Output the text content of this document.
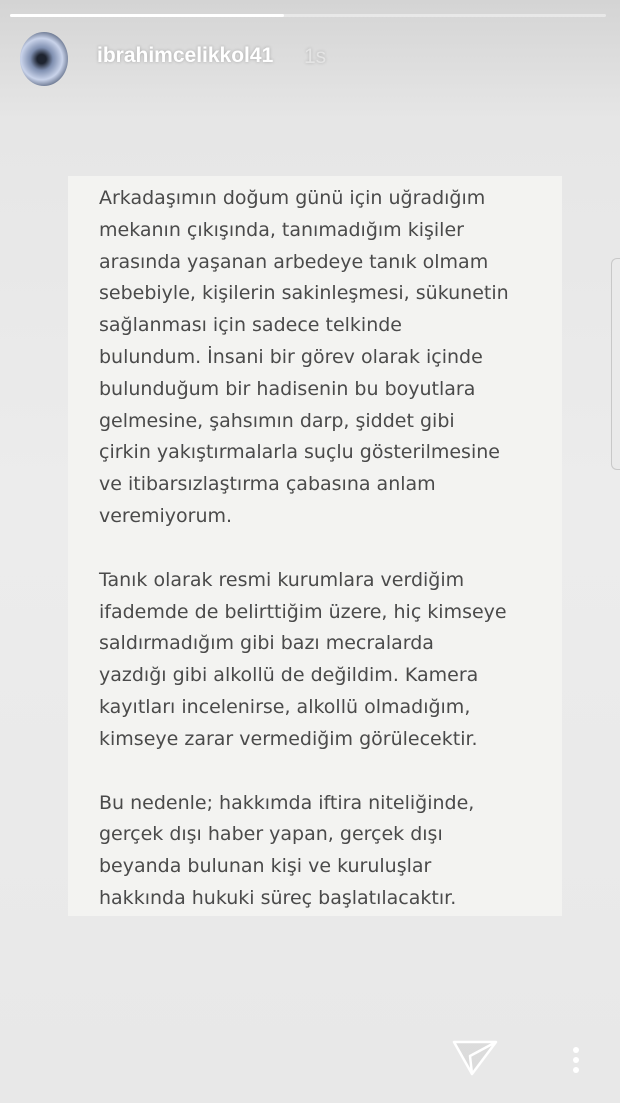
ibrahimcelikkol41 1s
Arkadaşımın doğum günü için uğradığım
mekanın çıkışında, tanımadığım kişiler
arasında yaşanan arbedeye tanık olmam
sebebiyle, kişilerin sakinleşmesi, sükunetin
sağlanması için sadece telkinde
bulundum. İnsani bir görev olarak içinde
bulunduğum bir hadisenin bu boyutlara
gelmesine, şahsımın darp, şiddet gibi
çirkin yakıştırmalarla suçlu gösterilmesine
ve itibarsızlaştırma çabasına anlam
veremiyorum.
Tanık olarak resmi kurumlara verdiğim
ifademde de belirttiğim üzere, hiç kimseye
saldırmadığım gibi bazı mecralarda
yazdığı gibi alkollü de değildim. Kamera
kayıtları incelenirse, alkollü olmadığım,
kimseye zarar vermediğim görülecektir.
Bu nedenle; hakkımda iftira niteliğinde,
gerçek dışı haber yapan, gerçek dışı
beyanda bulunan kişi ve kuruluşlar
hakkında hukuki süreç başlatılacaktır.
